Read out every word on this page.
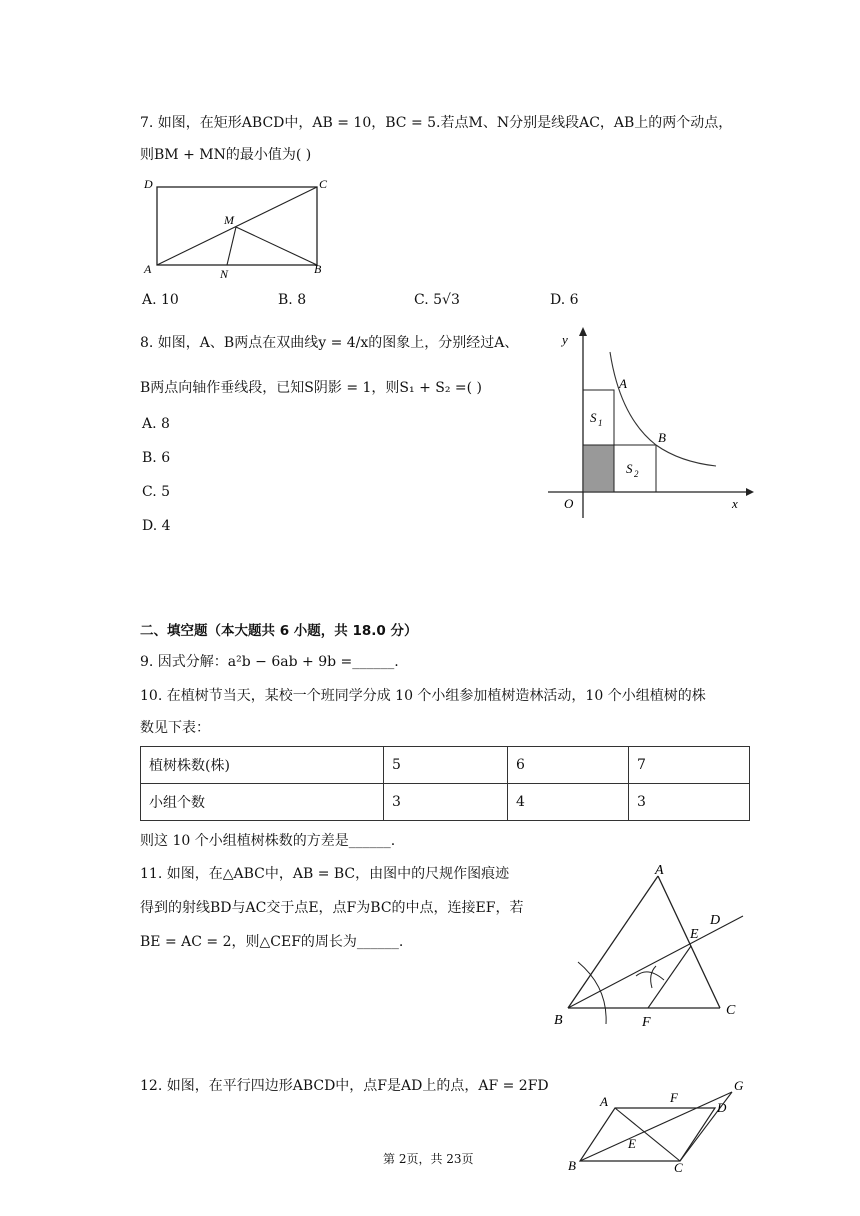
7. 如图，在矩形ABCD中，AB = 10，BC = 5.若点M、N分别是线段AC，AB上的两个动点，
则BM + MN的最小值为( )
D	C
M
A	N	B
A. 10	B. 8	C. 5√3	D. 6
8. 如图，A、B两点在双曲线y = 4/x的图象上，分别经过A、
B两点向轴作垂线段，已知S阴影 = 1，则S₁ + S₂ =( )
A. 8
B. 6
C. 5
D. 4
y
x
O
A
B
S 1
S 2
二、填空题（本大题共 6 小题，共 18.0 分）
9. 因式分解：a²b − 6ab + 9b =______.
10. 在植树节当天，某校一个班同学分成 10 个小组参加植树造林活动，10 个小组植树的株
数见下表：
植树株数(株)	5	6	7
小组个数	3	4	3
则这 10 个小组植树株数的方差是______.
11. 如图，在△ABC中，AB = BC，由图中的尺规作图痕迹
得到的射线BD与AC交于点E，点F为BC的中点，连接EF，若
BE = AC = 2，则△CEF的周长为______.
A
B
C
D
E
F
12. 如图，在平行四边形ABCD中，点F是AD上的点，AF = 2FD
A
B	C
D
E
F
G
第 2页，共 23页
